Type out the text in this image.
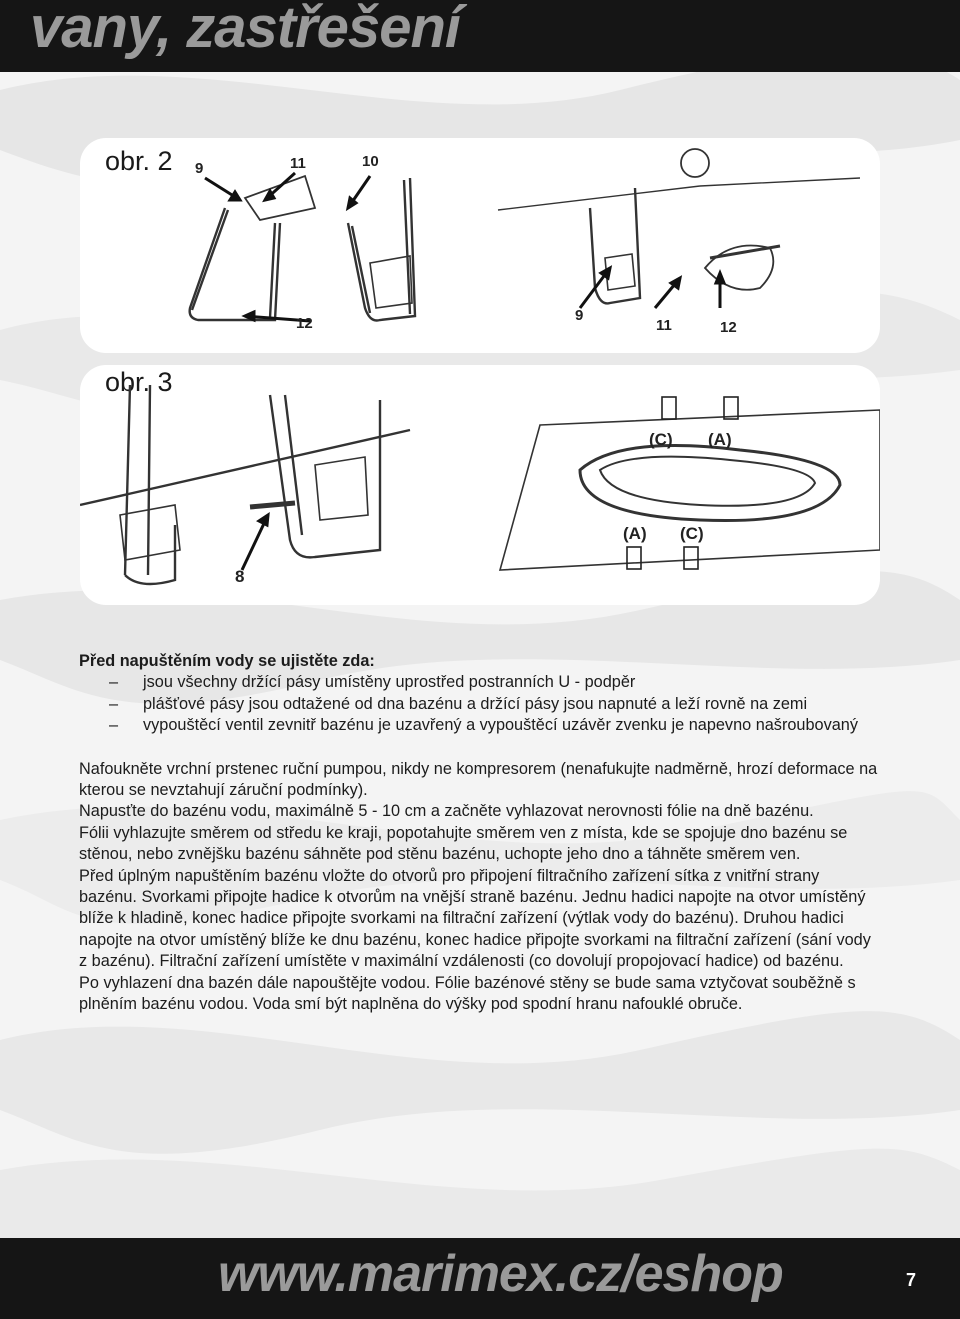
vany, zastřešení
obr. 2 9	11	10
12	9
11	12
obr. 3
8
(C) (A)
(A) (C)

Před napuštěním vody se ujistěte zda:

– jsou všechny držící pásy umístěny uprostřed postranních U - podpěr
– plášťové pásy jsou odtažené od dna bazénu a držící pásy jsou napnuté a leží rovně na zemi
– vypouštěcí ventil zevnitř bazénu je uzavřený a vypouštěcí uzávěr zvenku je napevno našroubovaný

Nafoukněte vrchní prstenec ruční pumpou, nikdy ne kompresorem (nenafukujte nadměrně, hrozí deformace na kterou se nevztahují záruční podmínky).

Napusťte do bazénu vodu, maximálně 5 - 10 cm a začněte vyhlazovat nerovnosti fólie na dně bazénu.

Fólii vyhlazujte směrem od středu ke kraji, popotahujte směrem ven z místa, kde se spojuje dno bazénu se stěnou, nebo zvnějšku bazénu sáhněte pod stěnu bazénu, uchopte jeho dno a táhněte směrem ven.

Před úplným napuštěním bazénu vložte do otvorů pro připojení filtračního zařízení sítka z vnitřní strany bazénu. Svorkami připojte hadice k otvorům na vnější straně bazénu. Jednu hadici napojte na otvor umístěný blíže k hladině, konec hadice připojte svorkami na filtrační zařízení (výtlak vody do bazénu). Druhou hadici napojte na otvor umístěný blíže ke dnu bazénu, konec hadice připojte svorkami na filtrační zařízení (sání vody z bazénu). Filtrační zařízení umístěte v maximální vzdálenosti (co dovolují propojovací hadice) od bazénu.

Po vyhlazení dna bazén dále napouštějte vodou. Fólie bazénové stěny se bude sama vztyčovat souběžně s plněním bazénu vodou. Voda smí být naplněna do výšky pod spodní hranu nafouklé obruče.

www.marimex.cz/eshop	7
